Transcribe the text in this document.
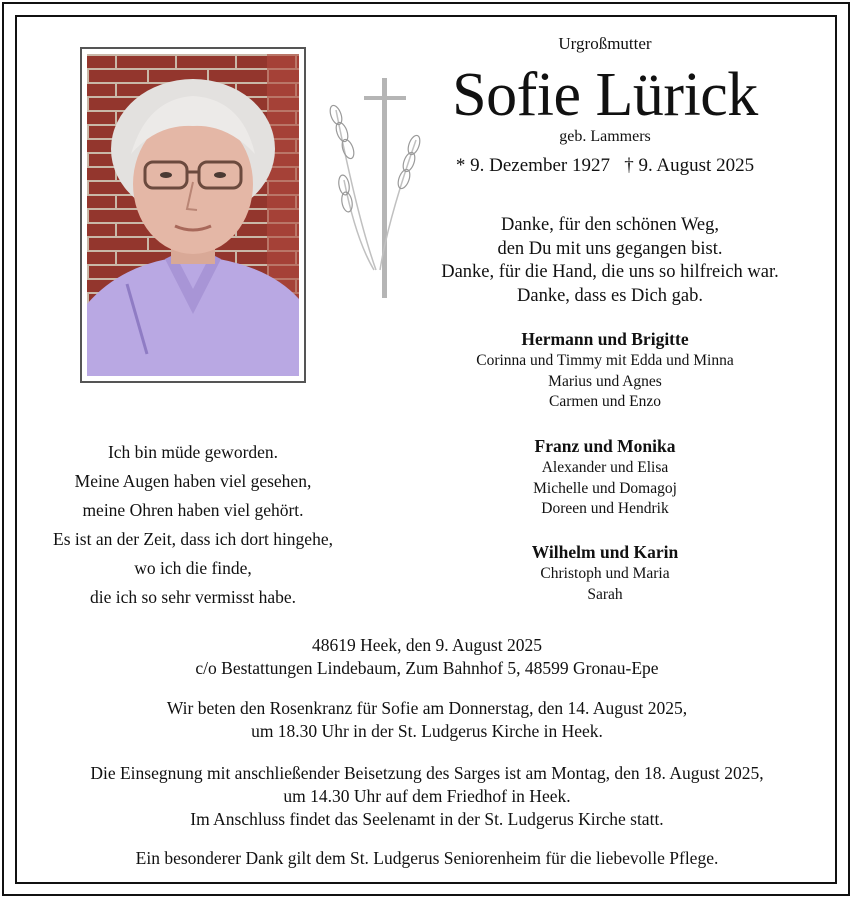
Urgroßmutter
Sofie Lürick
geb. Lammers
* 9. Dezember 1927 † 9. August 2025
Danke, für den schönen Weg,
den Du mit uns gegangen bist.
Danke, für die Hand, die uns so hilfreich war.
Danke, dass es Dich gab.
Hermann und Brigitte
Corinna und Timmy mit Edda und Minna
Marius und Agnes
Carmen und Enzo
Franz und Monika
Alexander und Elisa
Michelle und Domagoj
Doreen und Hendrik
Wilhelm und Karin
Christoph und Maria
Sarah
Ich bin müde geworden.
Meine Augen haben viel gesehen,
meine Ohren haben viel gehört.
Es ist an der Zeit, dass ich dort hingehe,
wo ich die finde,
die ich so sehr vermisst habe.
48619 Heek, den 9. August 2025
c/o Bestattungen Lindebaum, Zum Bahnhof 5, 48599 Gronau-Epe
Wir beten den Rosenkranz für Sofie am Donnerstag, den 14. August 2025,
um 18.30 Uhr in der St. Ludgerus Kirche in Heek.
Die Einsegnung mit anschließender Beisetzung des Sarges ist am Montag, den 18. August 2025,
um 14.30 Uhr auf dem Friedhof in Heek.
Im Anschluss findet das Seelenamt in der St. Ludgerus Kirche statt.
Ein besonderer Dank gilt dem St. Ludgerus Seniorenheim für die liebevolle Pflege.
